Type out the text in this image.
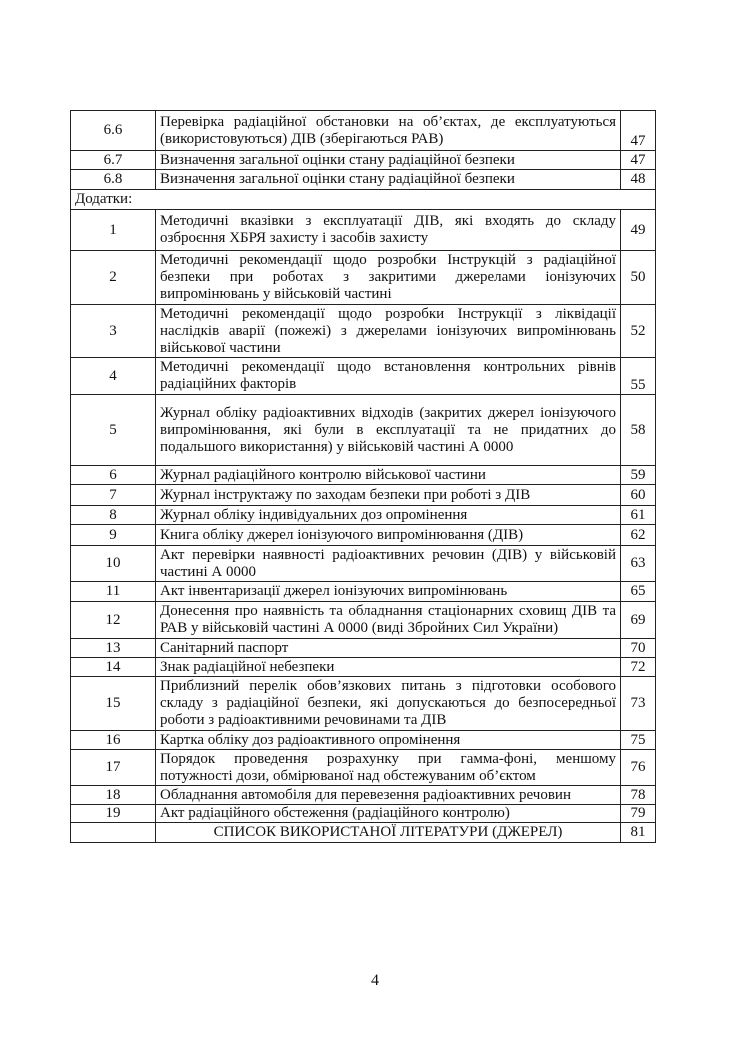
6.6	Перевірка радіаційної обстановки на об’єктах, де експлуатуються (використовуються) ДІВ (зберігаються РАВ)	47
6.7	Визначення загальної оцінки стану радіаційної безпеки	47
6.8	Визначення загальної оцінки стану радіаційної безпеки	48
Додатки:		
1	Методичні вказівки з експлуатації ДІВ, які входять до складу озброєння ХБРЯ захисту і засобів захисту	49
2	Методичні рекомендації щодо розробки Інструкцій з радіаційної безпеки при роботах з закритими джерелами іонізуючих випромінювань у військовій частині	50
3	Методичні рекомендації щодо розробки Інструкції з ліквідації наслідків аварії (пожежі) з джерелами іонізуючих випромінювань військової частини	52
4	Методичні рекомендації щодо встановлення контрольних рівнів радіаційних факторів	55
5	Журнал обліку радіоактивних відходів (закритих джерел іонізуючого випромінювання, які були в експлуатації та не придатних до подальшого використання) у військовій частині А 0000	58
6	Журнал радіаційного контролю військової частини	59
7	Журнал інструктажу по заходам безпеки при роботі з ДІВ	60
8	Журнал обліку індивідуальних доз опромінення	61
9	Книга обліку джерел іонізуючого випромінювання (ДІВ)	62
10	Акт перевірки наявності радіоактивних речовин (ДІВ) у військовій частині А 0000	63
11	Акт інвентаризації джерел іонізуючих випромінювань	65
12	Донесення про наявність та обладнання стаціонарних сховищ ДІВ та РАВ у військовій частині А 0000 (виді Збройних Сил України)	69
13	Санітарний паспорт	70
14	Знак радіаційної небезпеки	72
15	Приблизний перелік обов’язкових питань з підготовки особового складу з радіаційної безпеки, які допускаються до безпосередньої роботи з радіоактивними речовинами та ДІВ	73
16	Картка обліку доз радіоактивного опромінення	75
17	Порядок проведення розрахунку при гамма-фоні, меншому потужності дози, обмірюваної над обстежуваним об’єктом	76
18	Обладнання автомобіля для перевезення радіоактивних речовин	78
19	Акт радіаційного обстеження (радіаційного контролю)	79
	СПИСОК ВИКОРИСТАНОЇ ЛІТЕРАТУРИ (ДЖЕРЕЛ)	81
4
